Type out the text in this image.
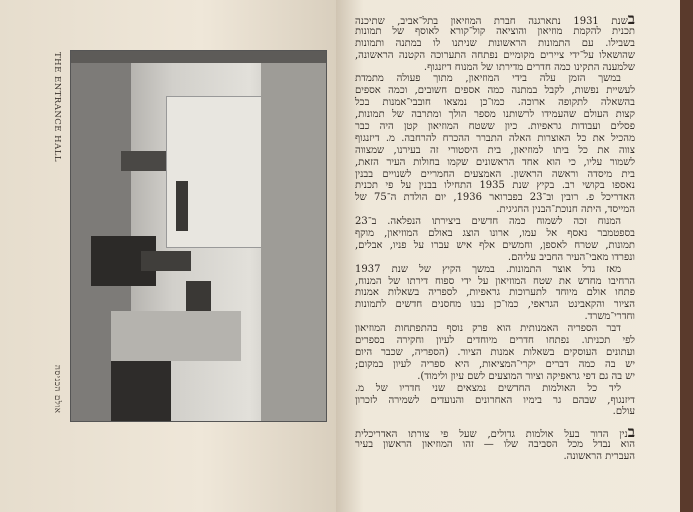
THE ENTRANCE HALL
אולם הכניסה
בשנת 1931 נתארגנה חברת המוזיאון בתל־אביב, שתיכנה
תכנית להקמת מוזיאון והוציאה קול־קורא לאוסף של תמונות
בשבילו. עם התמונות הראשונות שניתנו לו במתנה ותמונות
שהושאלו על־ידי ציירים מקומיים נפתחה התערוכה הקטנה הראשונה,
שלמענה התקינו כמה חדרים מדירתו של המנוח דיזנגוף.
במשך הזמן עלה בידי המוזיאון, מתוך פעולה מתמדת
לעשיית נפשות, לקבל במתנה כמה אספים חשובים, וכמה אספים
בהשאלה לתקופה ארוכה. כמו־כן נמצאו חובבי־אמנות בכל
קצות העולם שהעמידו לרשותנו מספר הולך ומתרבה של תמונות,
פסלים ועבודות גראפיות. כיון ששטח המוזיאון קטן היה כבר
מהכיל את כל האוצרות האלה התברר ההכרח להרחבה. מ. דיזנגוף
צווה את כל ביתו למוזיאון, בית היסטורי זה בעירנו, שמצווה
לשמור עליו, כי הוא אחד הראשונים שקמו בחולות העיר הזאת,
בית מיסדה וראשה הראשון. האמצעים החמריים לשנויים בבנין
נאספו בקושי רב. בקיץ שנת 1935 התחילו בבנין על פי תכנית
האדריכל פ. רובין וב־23 בפברואר 1936, יום הולדת ה־75 של
המייסד, היתה חנוכת־הבנין החגיגית.
המנוח זכה לשמוח כמה חדשים ביצירתו הנפלאה. ב־23
בספטמבר נאסף אל עמו, ארונו הוצג באולם המוזיאון, מוקף
תמונות, שטרח לאספן, וחמשים אלף איש עברו על פניו, אבלים,
ונפרדו מאבי־העיר החביב עליהם.
מאז גדל אוצר התמונות. במשך הקיץ של שנת 1937
הרחיבו מחדש את שטח המוזיאון על ידי ספוח דירתו של המנוח,
פתחו אולם מיוחד לתערוכות גראפיות, לספריה בשאלות אמנות
הציור והקאבינט הגראפי, כמו־כן נבנו מחסנים חדשים לתמונות
וחדרי־משרד.
דבר הספריה האמנותית הוא פרק נוסף בהתפתחות המוזיאון
לפי תכניתו. נפתחו חדרים מיוחדים לעיון וחקירה בספרים
ועתונים העוסקים בשאלות אמנות הציור. (הספריה, שכבר היום
יש בה כמה דברים יקרי־המציאות, היא ספריה לעיון במקום;
יש בה גם דפי גראפיקה וציור המוצעים לשם עיון ולימוד).
ליד כל האולמות החדשים נמצאים שני חדריו של מ.
דיזנגוף, שבהם גר בימיו האחרונים והנועדים לשמירה לזכרון
עולם.
בנין הדור בעל אולמות גדולים, שעל פי צורתו האדריכלית
הוא נבדל מכל הסביבה שלו — זהו המוזיאון הראשון בעיר
העברית הראשונה.
